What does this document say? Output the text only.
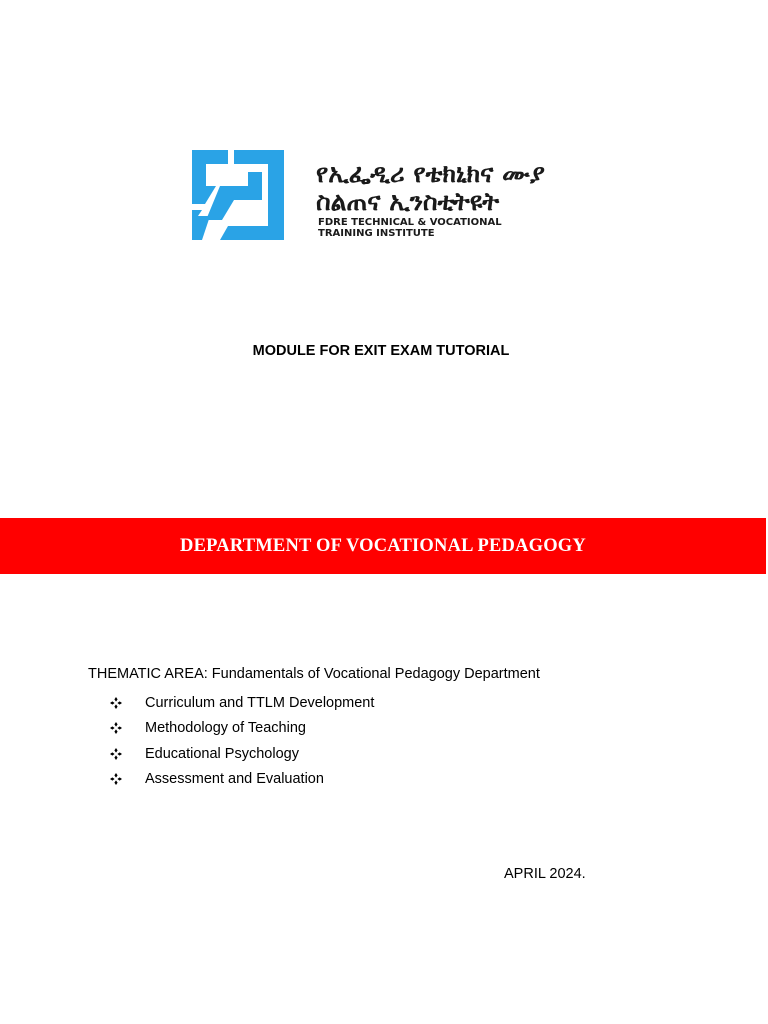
የኢፌዲሪ የቴክኒክና ሙያ
ስልጠና ኢንስቲትዩት
FDRE TECHNICAL & VOCATIONAL
TRAINING INSTITUTE
MODULE FOR EXIT EXAM TUTORIAL
DEPARTMENT OF VOCATIONAL PEDAGOGY
THEMATIC AREA: Fundamentals of Vocational Pedagogy Department
Curriculum and TTLM Development
Methodology of Teaching
Educational Psychology
Assessment and Evaluation
APRIL 2024.
